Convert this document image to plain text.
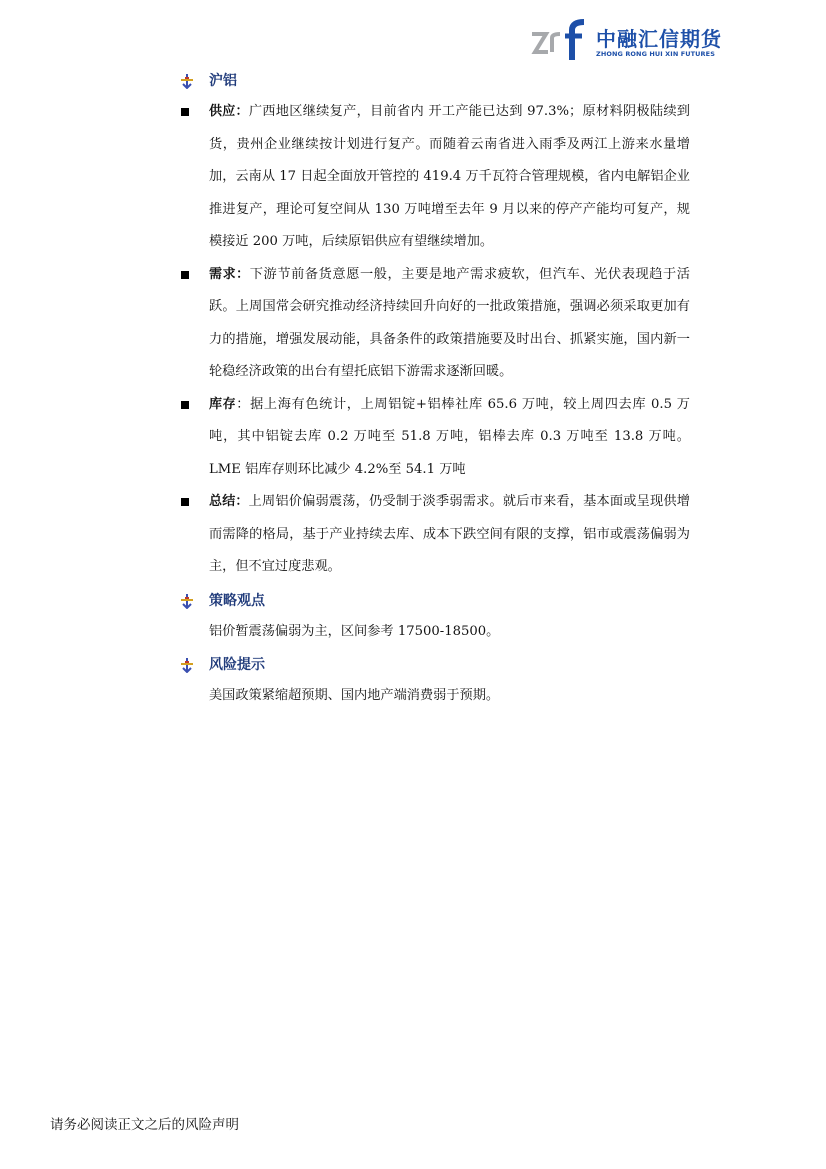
中融汇信期货
ZHONG RONG HUI XIN FUTURES
沪铝

供应：广西地区继续复产，目前省内 开工产能已达到 97.3%；原材料阴极陆续到货，贵州企业继续按计划进行复产。而随着云南省进入雨季及两江上游来水量增加，云南从 17 日起全面放开管控的 419.4 万千瓦符合管理规模，省内电解铝企业推进复产，理论可复空间从 130 万吨增至去年 9 月以来的停产产能均可复产，规模接近 200 万吨，后续原铝供应有望继续增加。

需求：下游节前备货意愿一般，主要是地产需求疲软，但汽车、光伏表现趋于活跃。上周国常会研究推动经济持续回升向好的一批政策措施，强调必须采取更加有力的措施，增强发展动能，具备条件的政策措施要及时出台、抓紧实施，国内新一轮稳经济政策的出台有望托底铝下游需求逐渐回暖。

库存：据上海有色统计，上周铝锭+铝棒社库 65.6 万吨，较上周四去库 0.5 万吨，其中铝锭去库 0.2 万吨至 51.8 万吨，铝棒去库 0.3 万吨至 13.8 万吨。LME 铝库存则环比减少 4.2%至 54.1 万吨

总结：上周铝价偏弱震荡，仍受制于淡季弱需求。就后市来看，基本面或呈现供增而需降的格局，基于产业持续去库、成本下跌空间有限的支撑，铝市或震荡偏弱为主，但不宜过度悲观。

策略观点

铝价暂震荡偏弱为主，区间参考 17500-18500。

风险提示

美国政策紧缩超预期、国内地产端消费弱于预期。

请务必阅读正文之后的风险声明
